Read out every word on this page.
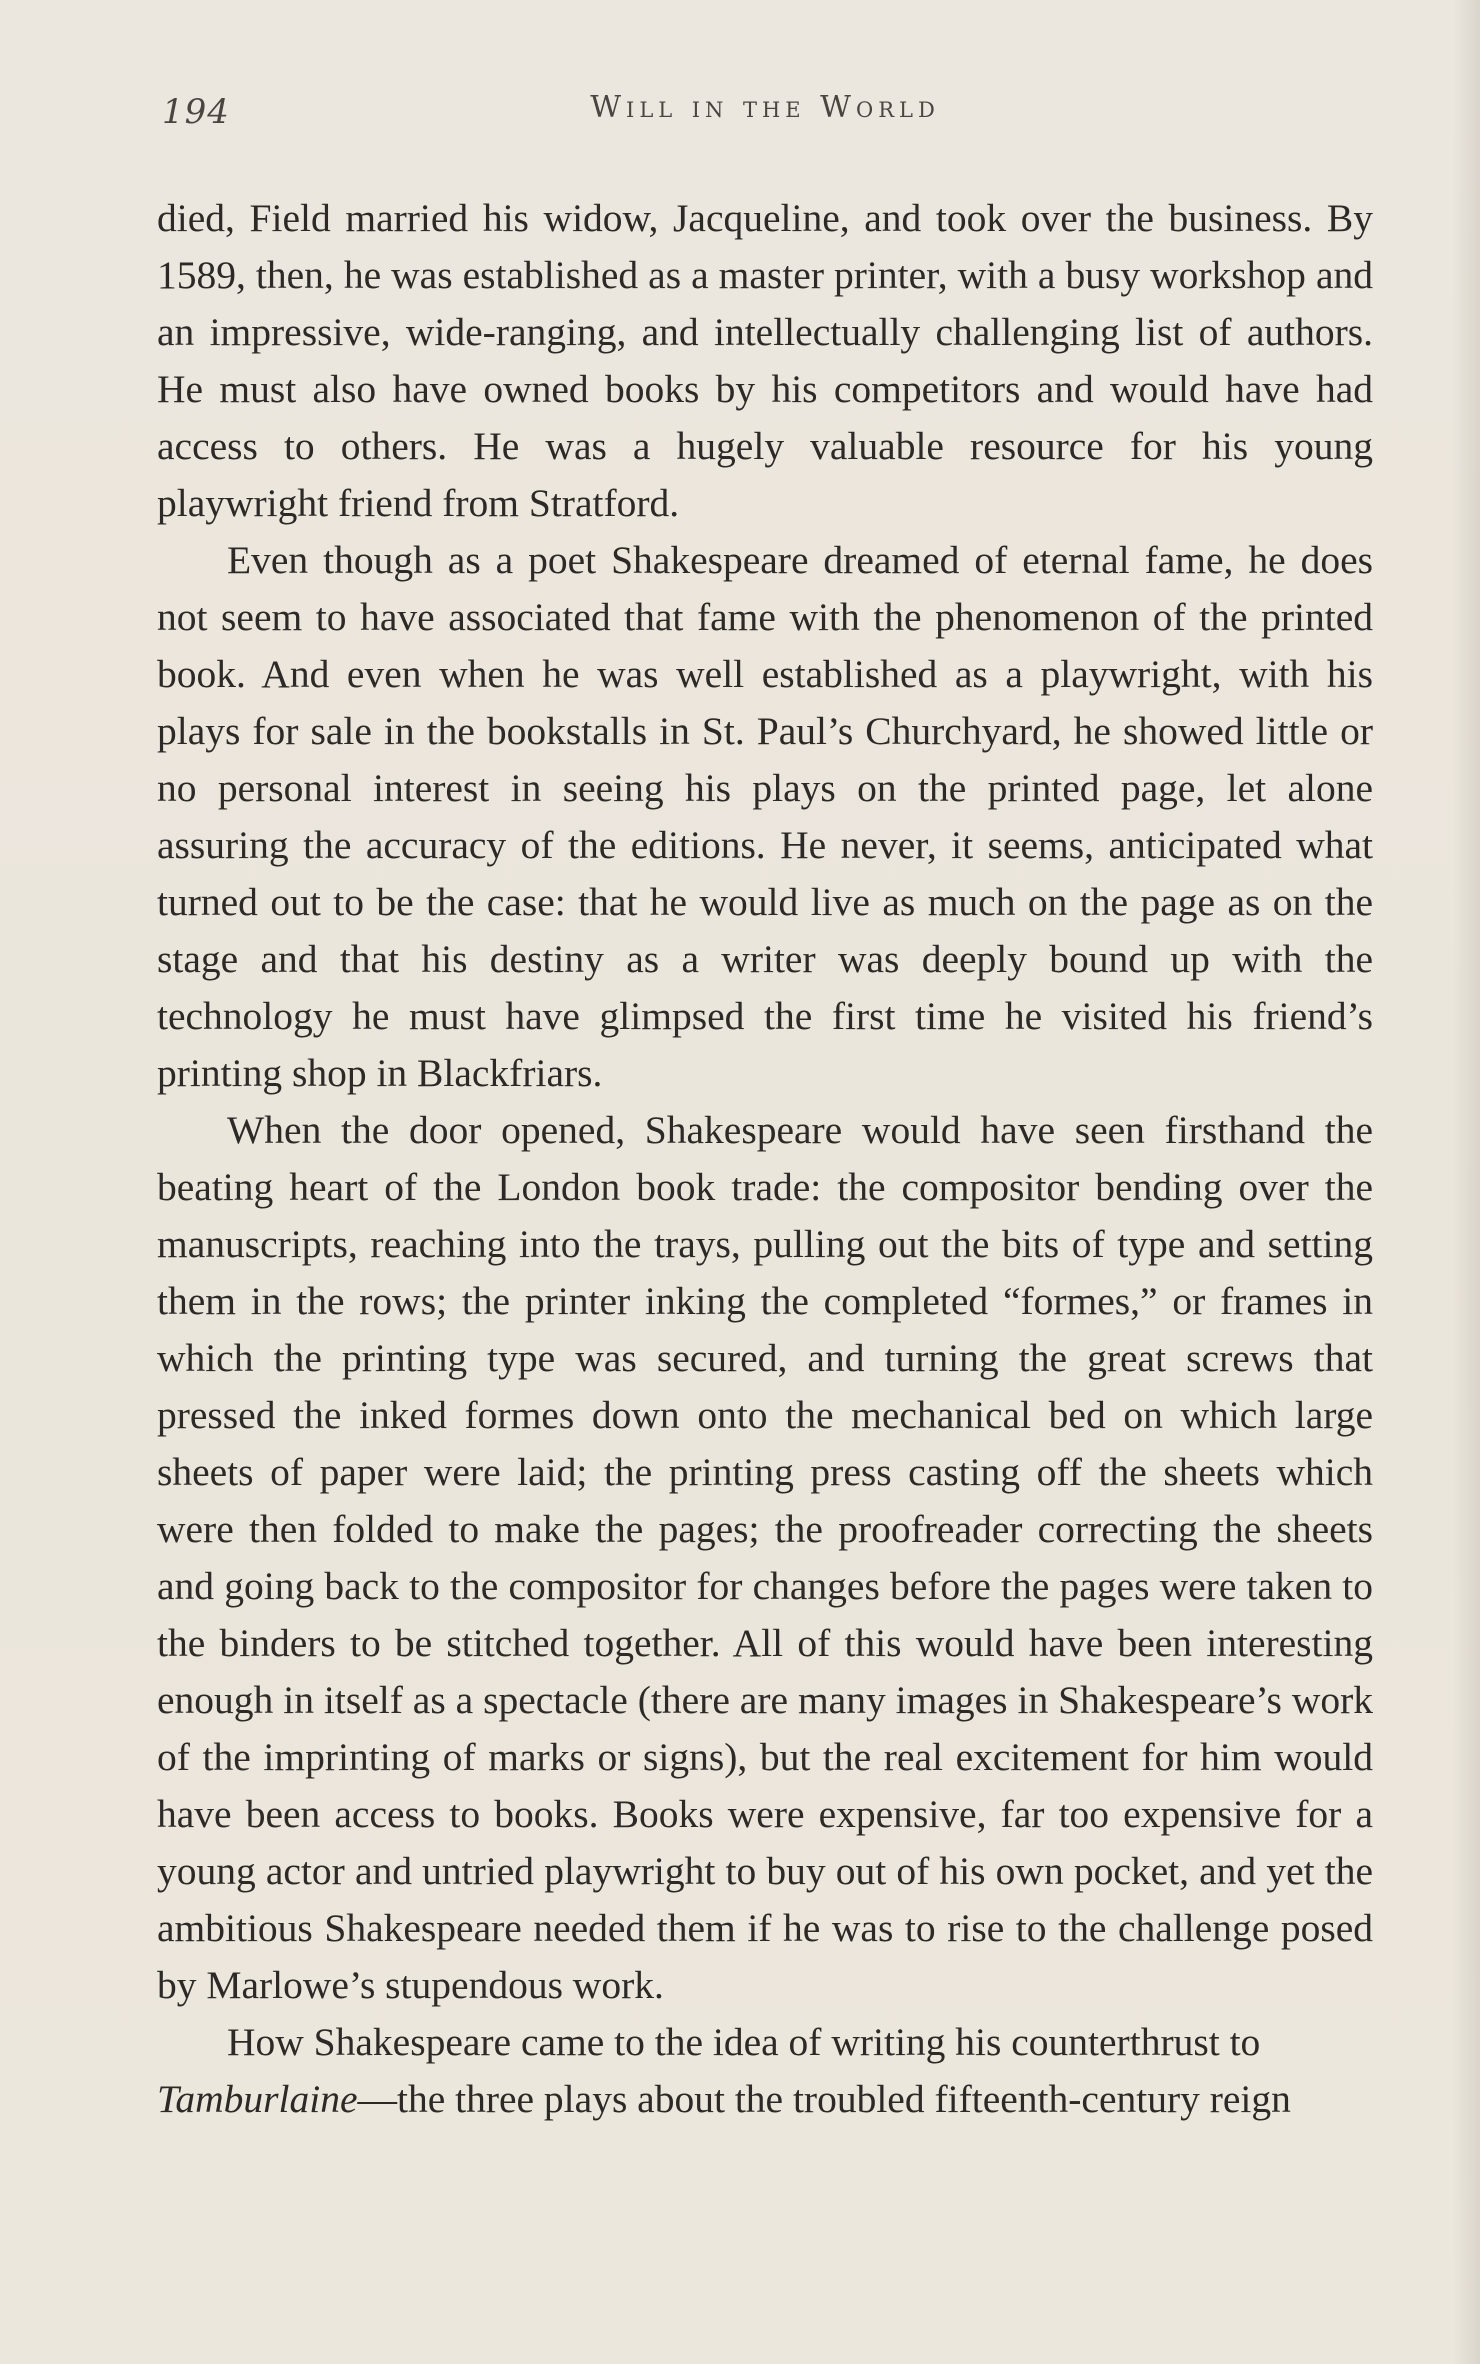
194	Will in the World

died, Field married his widow, Jacqueline, and took over the business. By 1589, then, he was established as a master printer, with a busy workshop and an impressive, wide-ranging, and intellectually challenging list of authors. He must also have owned books by his competitors and would have had access to others. He was a hugely valuable resource for his young playwright friend from Stratford.

Even though as a poet Shakespeare dreamed of eternal fame, he does not seem to have associated that fame with the phenomenon of the printed book. And even when he was well established as a playwright, with his plays for sale in the bookstalls in St. Paul’s Churchyard, he showed little or no personal interest in seeing his plays on the printed page, let alone assuring the accuracy of the editions. He never, it seems, anticipated what turned out to be the case: that he would live as much on the page as on the stage and that his destiny as a writer was deeply bound up with the technology he must have glimpsed the first time he visited his friend’s printing shop in Blackfriars.

When the door opened, Shakespeare would have seen firsthand the beating heart of the London book trade: the compositor bending over the manuscripts, reaching into the trays, pulling out the bits of type and setting them in the rows; the printer inking the completed “formes,” or frames in which the printing type was secured, and turning the great screws that pressed the inked formes down onto the mechanical bed on which large sheets of paper were laid; the printing press casting off the sheets which were then folded to make the pages; the proofreader correcting the sheets and going back to the compositor for changes before the pages were taken to the binders to be stitched together. All of this would have been interesting enough in itself as a spectacle (there are many images in Shakespeare’s work of the imprinting of marks or signs), but the real excitement for him would have been access to books. Books were expensive, far too expensive for a young actor and untried playwright to buy out of his own pocket, and yet the ambitious Shakespeare needed them if he was to rise to the challenge posed by Marlowe’s stupendous work.

How Shakespeare came to the idea of writing his counterthrust to
Tamburlaine—the three plays about the troubled fifteenth-century reign
